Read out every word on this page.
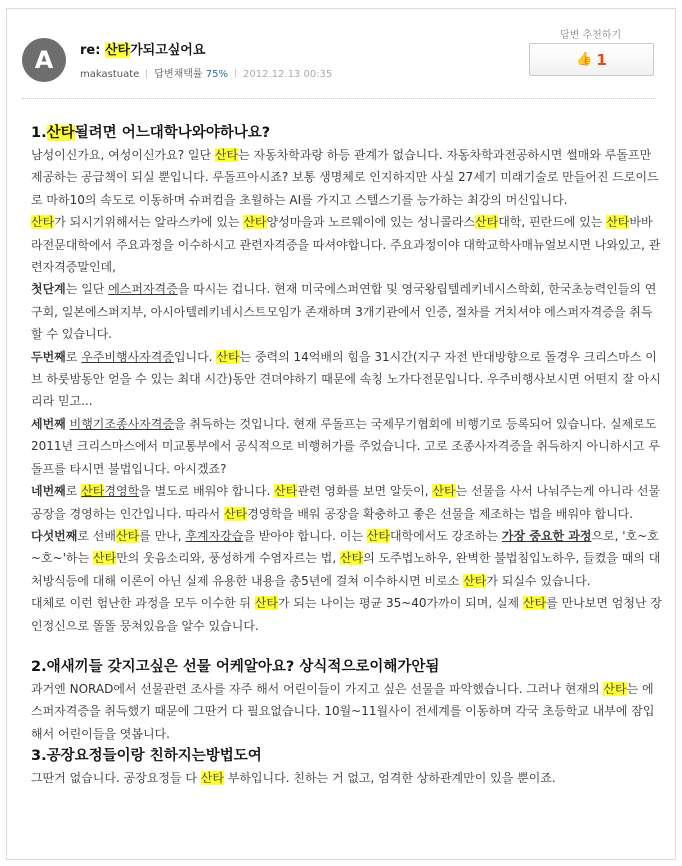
A	re: 산타가되고싶어요
makastuate 답변채택률 75% 2012.12.13 00:35
답변 추천하기
👍 1

1.산타될려면 어느대학나와야하나요?

남성이신가요, 여성이신가요? 일단 산타는 자동차학과랑 하등 관계가 없습니다. 자동차학과전공하시면 썰매와 루돌프만 제공하는 공급책이 되실 뿐입니다. 루돌프아시죠? 보통 생명체로 인지하지만 사실 27세기 미래기술로 만들어진 드로이드로 마하10의 속도로 이동하며 슈퍼컴을 초월하는 AI를 가지고 스텔스기를 능가하는 최강의 머신입니다.

산타가 되시기위해서는 알라스카에 있는 산타양성마을과 노르웨이에 있는 성니콜라스산타대학, 핀란드에 있는 산타바바라전문대학에서 주요과정을 이수하시고 관련자격증을 따셔야합니다. 주요과정이야 대학교학사매뉴얼보시면 나와있고, 관련자격증말인데,

첫단계는 일단 에스퍼자격증을 따시는 겁니다. 현재 미국에스퍼연합 및 영국왕립텔레키네시스학회, 한국초능력인들의 연구회, 일본에스퍼지부, 아시아텔레키네시스트모임가 존재하며 3개기관에서 인증, 절차를 거치셔야 에스퍼자격증을 취득할 수 있습니다.

두번째로 우주비행사자격증입니다. 산타는 중력의 14억배의 힘을 31시간(지구 자전 반대방향으로 돌경우 크리스마스 이브 하룻밤동안 얻을 수 있는 최대 시간)동안 견뎌야하기 때문에 속칭 노가다전문입니다. 우주비행사보시면 어떤지 잘 아시리라 믿고...

세번째 비행기조종사자격증을 취득하는 것입니다. 현재 루돌프는 국제무기협회에 비행기로 등록되어 있습니다. 실제로도 2011년 크리스마스에서 미교통부에서 공식적으로 비행허가를 주었습니다. 고로 조종사자격증을 취득하지 아니하시고 루돌프를 타시면 불법입니다. 아시겠죠?

네번째로 산타경영학을 별도로 배워야 합니다. 산타관련 영화를 보면 알듯이, 산타는 선물을 사서 나눠주는게 아니라 선물공장을 경영하는 인간입니다. 따라서 산타경영학을 배워 공장을 확충하고 좋은 선물을 제조하는 법을 배워야 합니다.

다섯번째로 선배산타를 만나, 후계자강습을 받아야 합니다. 이는 산타대학에서도 강조하는 가장 중요한 과정으로, '호~호~호~'하는 산타만의 웃음소리와, 풍성하게 수염자르는 법, 산타의 도주법노하우, 완벽한 불법침입노하우, 들켰을 때의 대처방식등에 대해 이론이 아닌 실제 유용한 내용을 총5년에 걸쳐 이수하시면 비로소 산타가 되실수 있습니다.

대체로 이런 험난한 과정을 모두 이수한 뒤 산타가 되는 나이는 평균 35~40가까이 되며, 실제 산타를 만나보면 엄청난 장인정신으로 똘똘 뭉쳐있음을 알수 있습니다.

2.애새끼들 갖지고싶은 선물 어케알아요? 상식적으로이해가안됨

과거엔 NORAD에서 선물관련 조사를 자주 해서 어린이들이 가지고 싶은 선물을 파악했습니다. 그러나 현재의 산타는 에스퍼자격증을 취득했기 때문에 그딴거 다 필요없습니다. 10월~11월사이 전세계를 이동하며 각국 초등학교 내부에 잠입해서 어린이들을 엿봅니다.

3.공장요정들이랑 친하지는방법도여

그딴거 없습니다. 공장요정들 다 산타 부하입니다. 친하는 거 없고, 엄격한 상하관계만이 있을 뿐이죠.
